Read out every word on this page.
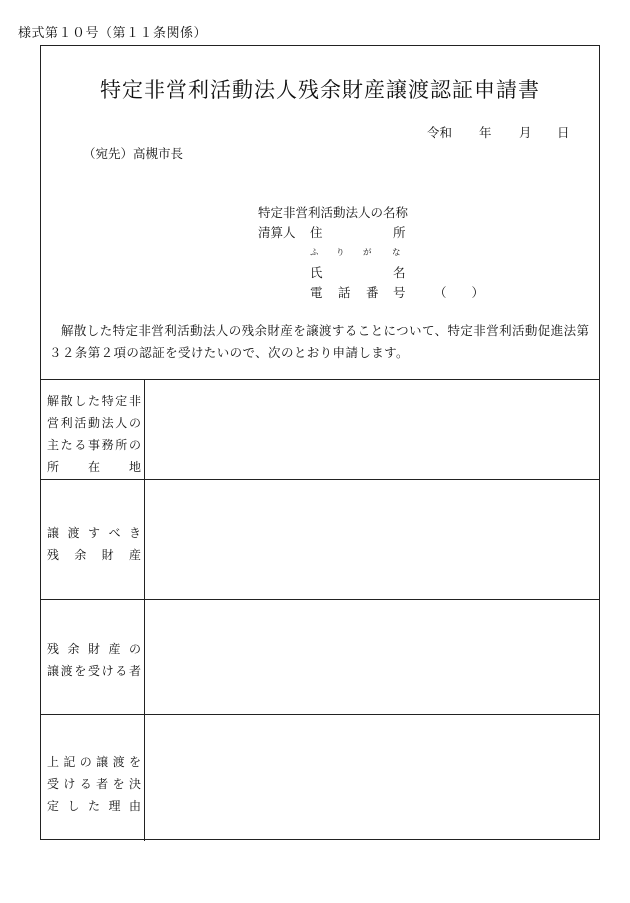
様式第１０号（第１１条関係）
特定非営利活動法人残余財産譲渡認証申請書
令和 年 月 日
（宛先）高槻市長
特定非営利活動法人の名称
清算人 住	所
ふ り が な
氏	名
電 話 番 号 （　　）

解散した特定非営利活動法人の残余財産を譲渡することについて、特定非営利活動促進法第

３２条第２項の認証を受けたいので、次のとおり申請します。

解 散 し た 特 定 非
営 利 活 動 法 人 の
主 た る 事 務 所 の
所 在 地
譲 渡 す べ き
残 余 財 産
残 余 財 産 の
譲 渡 を 受 け る 者
上 記 の 譲 渡 を
受 け る 者 を 決
定 し た 理 由
